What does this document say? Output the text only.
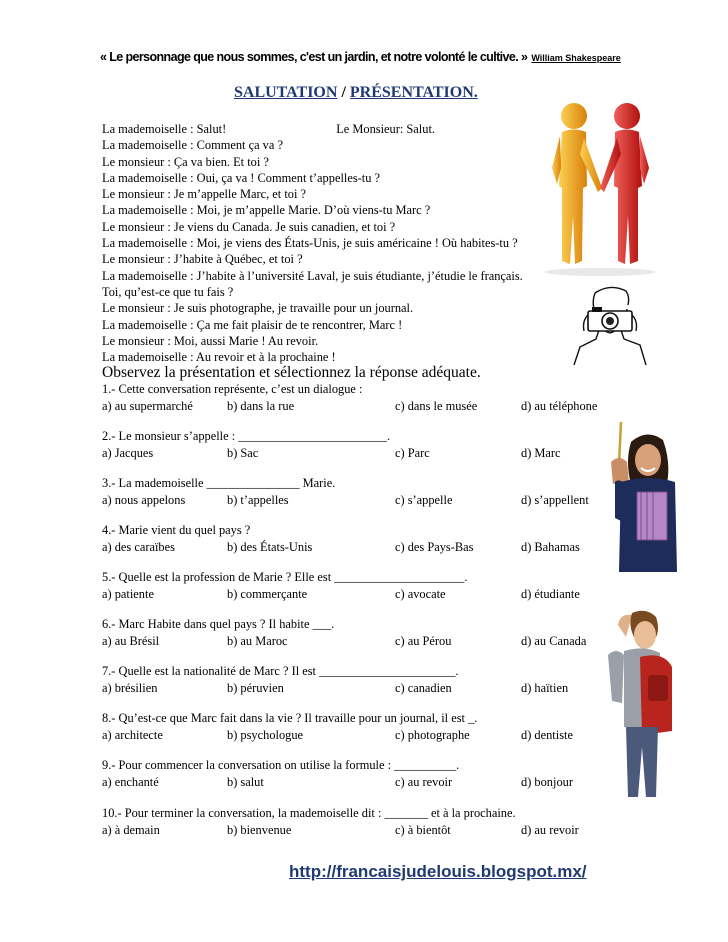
« Le personnage que nous sommes, c'est un jardin, et notre volonté le cultive. » William Shakespeare
SALUTATION / PRÉSENTATION.
La mademoiselle : Salut!	Le Monsieur: Salut.
La mademoiselle : Comment ça va ?
Le monsieur : Ça va bien. Et toi ?
La mademoiselle : Oui, ça va ! Comment t’appelles-tu ?
Le monsieur : Je m’appelle Marc, et toi ?
La mademoiselle : Moi, je m’appelle Marie. D’où viens-tu Marc ?
Le monsieur : Je viens du Canada. Je suis canadien, et toi ?
La mademoiselle : Moi, je viens des États-Unis, je suis américaine ! Où habites-tu ?
Le monsieur : J’habite à Québec, et toi ?
La mademoiselle : J’habite à l’université Laval, je suis étudiante, j’étudie le français.
Toi, qu’est-ce que tu fais ?
Le monsieur : Je suis photographe, je travaille pour un journal.
La mademoiselle : Ça me fait plaisir de te rencontrer, Marc !
Le monsieur : Moi, aussi Marie ! Au revoir.
La mademoiselle : Au revoir et à la prochaine !
Observez la présentation et sélectionnez la réponse adéquate.
1.- Cette conversation représente, c’est un dialogue :
a) au supermarché	b) dans la rue	c) dans le musée	d) au téléphone
2.- Le monsieur s’appelle : ________________________.
a) Jacques	b) Sac	c) Parc	d) Marc
3.- La mademoiselle _______________ Marie.
a) nous appelons	b) t’appelles	c) s’appelle	d) s’appellent
4.- Marie vient du quel pays ?
a) des caraïbes	b) des États-Unis	c) des Pays-Bas	d) Bahamas
5.- Quelle est la profession de Marie ? Elle est _____________________.
a) patiente	b) commerçante	c) avocate	d) étudiante
6.- Marc Habite dans quel pays ? Il habite ___.
a) au Brésil	b) au Maroc	c) au Pérou	d) au Canada
7.- Quelle est la nationalité de Marc ? Il est ______________________.
a) brésilien	b) péruvien	c) canadien	d) haïtien
8.- Qu’est-ce que Marc fait dans la vie ? Il travaille pour un journal, il est _.
a) architecte	b) psychologue	c) photographe	d) dentiste
9.- Pour commencer la conversation on utilise la formule : __________.
a) enchanté	b) salut	c) au revoir	d) bonjour
10.- Pour terminer la conversation, la mademoiselle dit : _______ et à la prochaine.
a) à demain	b) bienvenue	c) à bientôt	d) au revoir
http://francaisjudelouis.blogspot.mx/
